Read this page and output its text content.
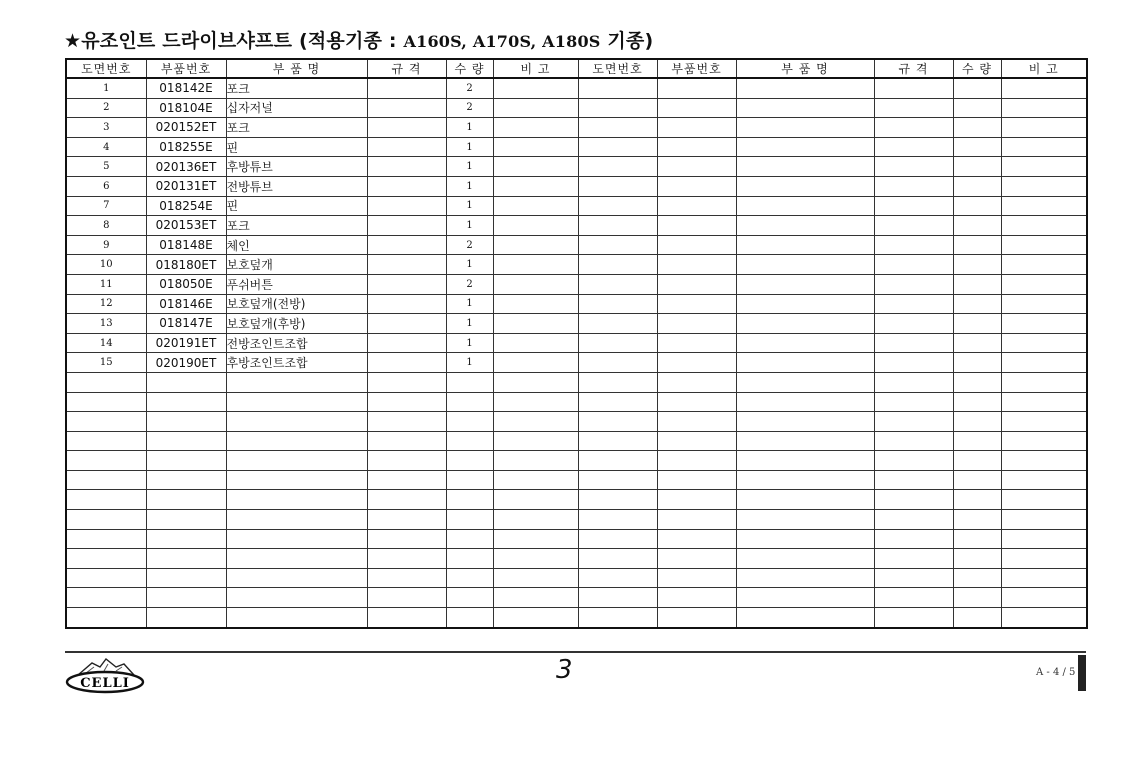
★유조인트 드라이브샤프트 (적용기종 : A160S, A170S, A180S 기종)
도면번호	부품번호	부 품 명	규 격	수 량	비 고	도면번호	부품번호	부 품 명	규 격	수 량	비 고
1	018142E	포크		2							
2	018104E	십자저널		2							
3	020152ET	포크		1							
4	018255E	핀		1							
5	020136ET	후방튜브		1							
6	020131ET	전방튜브		1							
7	018254E	핀		1							
8	020153ET	포크		1							
9	018148E	체인		2							
10	018180ET	보호덮개		1							
11	018050E	푸쉬버튼		2							
12	018146E	보호덮개(전방)		1							
13	018147E	보호덮개(후방)		1							
14	020191ET	전방조인트조합		1							
15	020190ET	후방조인트조합		1							

CELLI	3	A - 4 / 5
